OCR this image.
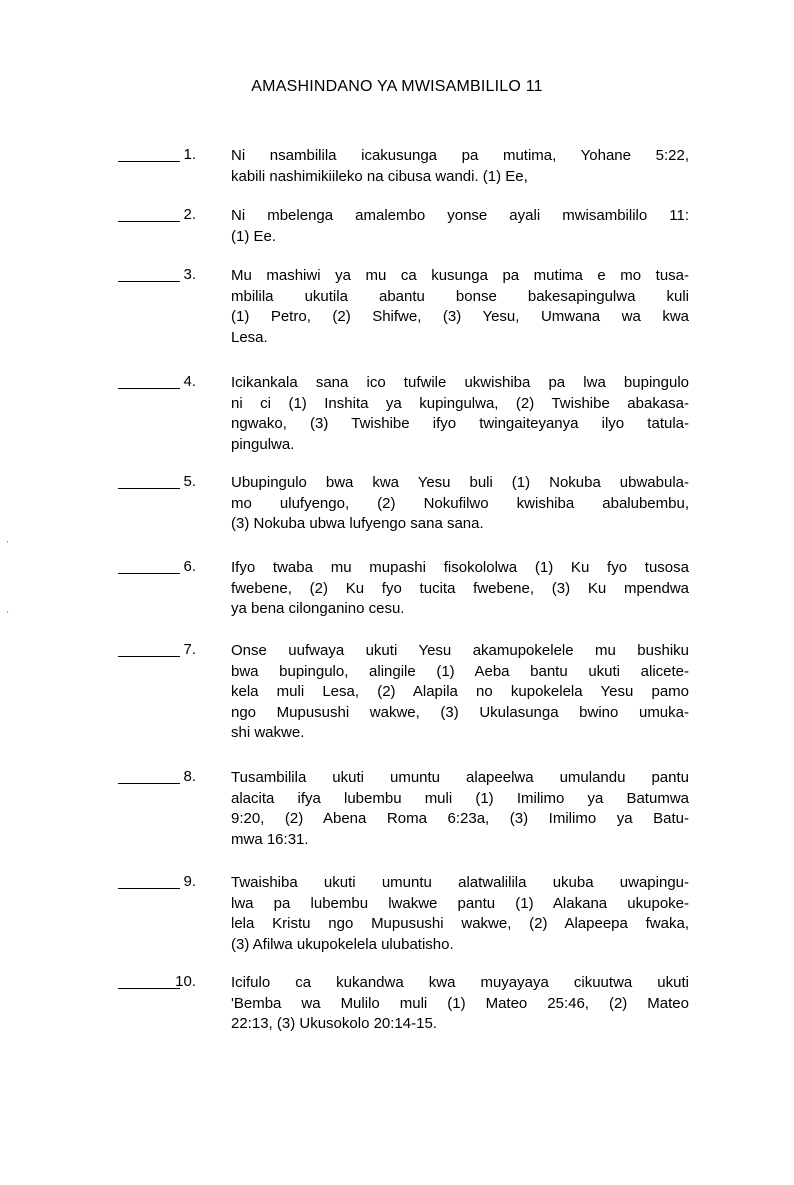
AMASHINDANO YA MWISAMBILILO 11
1. Ni nsambilila icakusunga pa mutima, Yohane 5:22,
kabili nashimikiileko na cibusa wandi. (1) Ee,
2. Ni mbelenga amalembo yonse ayali mwisambililo 11:
(1) Ee.
3. Mu mashiwi ya mu ca kusunga pa mutima e mo tusa-
mbilila ukutila abantu bonse bakesapingulwa kuli
(1) Petro, (2) Shifwe, (3) Yesu, Umwana wa kwa
Lesa.
4. Icikankala sana ico tufwile ukwishiba pa lwa bupingulo
ni ci (1) Inshita ya kupingulwa, (2) Twishibe abakasa-
ngwako, (3) Twishibe ifyo twingaiteyanya ilyo tatula-
pingulwa.
5. Ubupingulo bwa kwa Yesu buli (1) Nokuba ubwabula-
mo ulufyengo, (2) Nokufilwo kwishiba abalubembu,
(3) Nokuba ubwa lufyengo sana sana.
6. Ifyo twaba mu mupashi fisokololwa (1) Ku fyo tusosa
fwebene, (2) Ku fyo tucita fwebene, (3) Ku mpendwa
ya bena cilonganino cesu.
7. Onse uufwaya ukuti Yesu akamupokelele mu bushiku
bwa bupingulo, alingile (1) Aeba bantu ukuti alicete-
kela muli Lesa, (2) Alapila no kupokelela Yesu pamo
ngo Mupusushi wakwe, (3) Ukulasunga bwino umuka-
shi wakwe.
8. Tusambilila ukuti umuntu alapeelwa umulandu pantu
alacita ifya lubembu muli (1) Imilimo ya Batumwa
9:20, (2) Abena Roma 6:23a, (3) Imilimo ya Batu-
mwa 16:31.
9. Twaishiba ukuti umuntu alatwalilila ukuba uwapingu-
lwa pa lubembu lwakwe pantu (1) Alakana ukupoke-
lela Kristu ngo Mupusushi wakwe, (2) Alapeepa fwaka,
(3) Afilwa ukupokelela ulubatisho.
10. Icifulo ca kukandwa kwa muyayaya cikuutwa ukuti
'Bemba wa Mulilo muli (1) Mateo 25:46, (2) Mateo
22:13, (3) Ukusokolo 20:14-15.
ˋ
ˊ
